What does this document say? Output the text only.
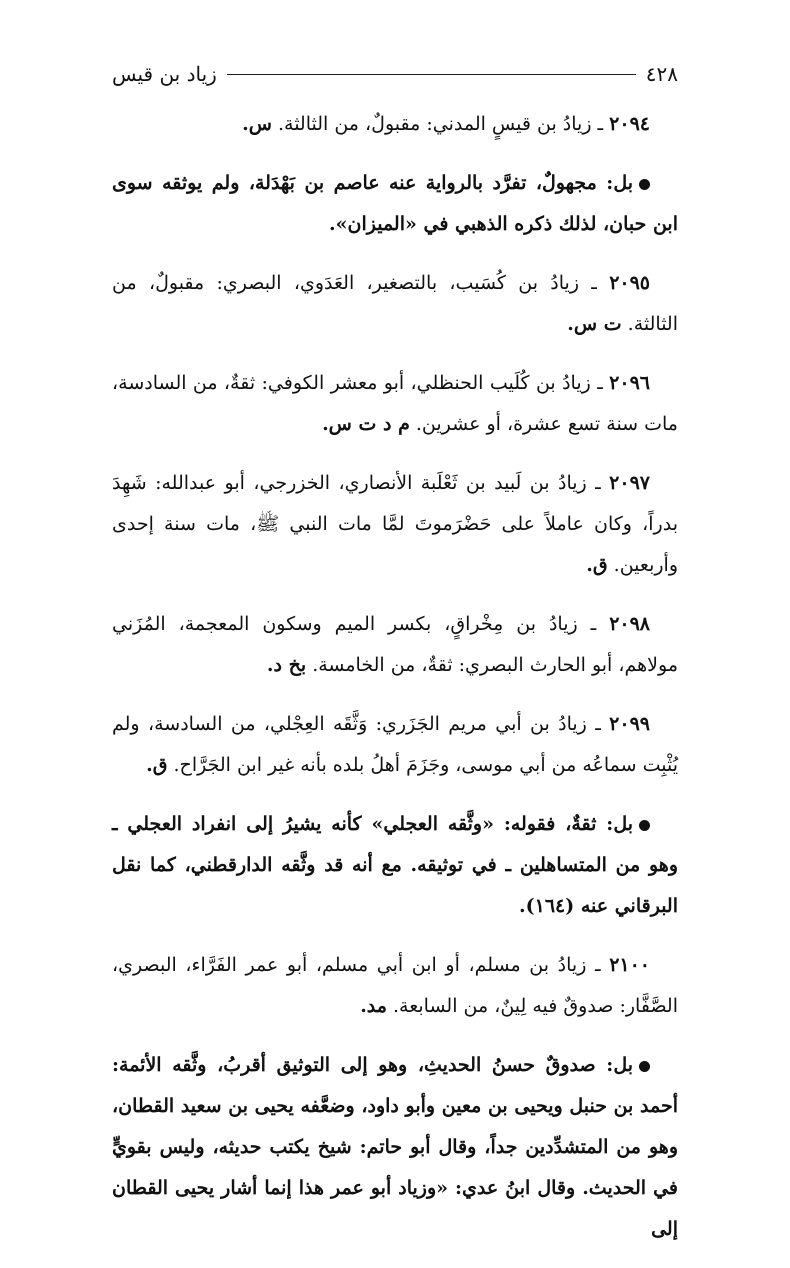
٤٢٨
زياد بن قيس

٢٠٩٤ ـ زيادُ بن قيسٍ المدني: مقبولٌ، من الثالثة. س.

بل: مجهولٌ، تفرَّد بالرواية عنه عاصم بن بَهْدَلة، ولم يوثقه سوى ابن حبان، لذلك ذكره الذهبي في «الميزان».

٢٠٩٥ ـ زيادُ بن كُسَيب، بالتصغير، العَدَوي، البصري: مقبولٌ، من الثالثة. ت س.

٢٠٩٦ ـ زيادُ بن كُلَيب الحنظلي، أبو معشر الكوفي: ثقةٌ، من السادسة، مات سنة تسع عشرة، أو عشرين. م د ت س.

٢٠٩٧ ـ زيادُ بن لَبيد بن ثَعْلَبة الأنصاري، الخزرجي، أبو عبدالله: شَهِدَ بدراً، وكان عاملاً على حَضْرَموتَ لمَّا مات النبي ﷺ، مات سنة إحدى وأربعين. ق.

٢٠٩٨ ـ زيادُ بن مِخْراقٍ، بكسر الميم وسكون المعجمة، المُزَني مولاهم، أبو الحارث البصري: ثقةٌ، من الخامسة. بخ د.

٢٠٩٩ ـ زيادُ بن أبي مريم الجَزَري: وَثَّقَه العِجْلي، من السادسة، ولم يُثْبِت سماعُه من أبي موسى، وجَزَمَ أهلُ بلده بأنه غير ابن الجَرَّاح. ق.

بل: ثقةٌ، فقوله: «وثَّقه العجلي» كأنه يشيرُ إلى انفراد العجلي ـ وهو من المتساهلين ـ في توثيقه. مع أنه قد وثَّقه الدارقطني، كما نقل البرقاني عنه (١٦٤).

٢١٠٠ ـ زيادُ بن مسلم، أو ابن أبي مسلم، أبو عمر الفَرَّاء، البصري، الصَّفَّار: صدوقٌ فيه لِينٌ، من السابعة. مد.

بل: صدوقٌ حسنُ الحديثِ، وهو إلى التوثيق أقربُ، وثَّقه الأئمة: أحمد بن حنبل ويحيى بن معين وأبو داود، وضعَّفه يحيى بن سعيد القطان، وهو من المتشدِّدين جداً، وقال أبو حاتم: شيخ يكتب حديثه، وليس بقويٍّ في الحديث. وقال ابنُ عدي: «وزياد أبو عمر هذا إنما أشار يحيى القطان إلى
